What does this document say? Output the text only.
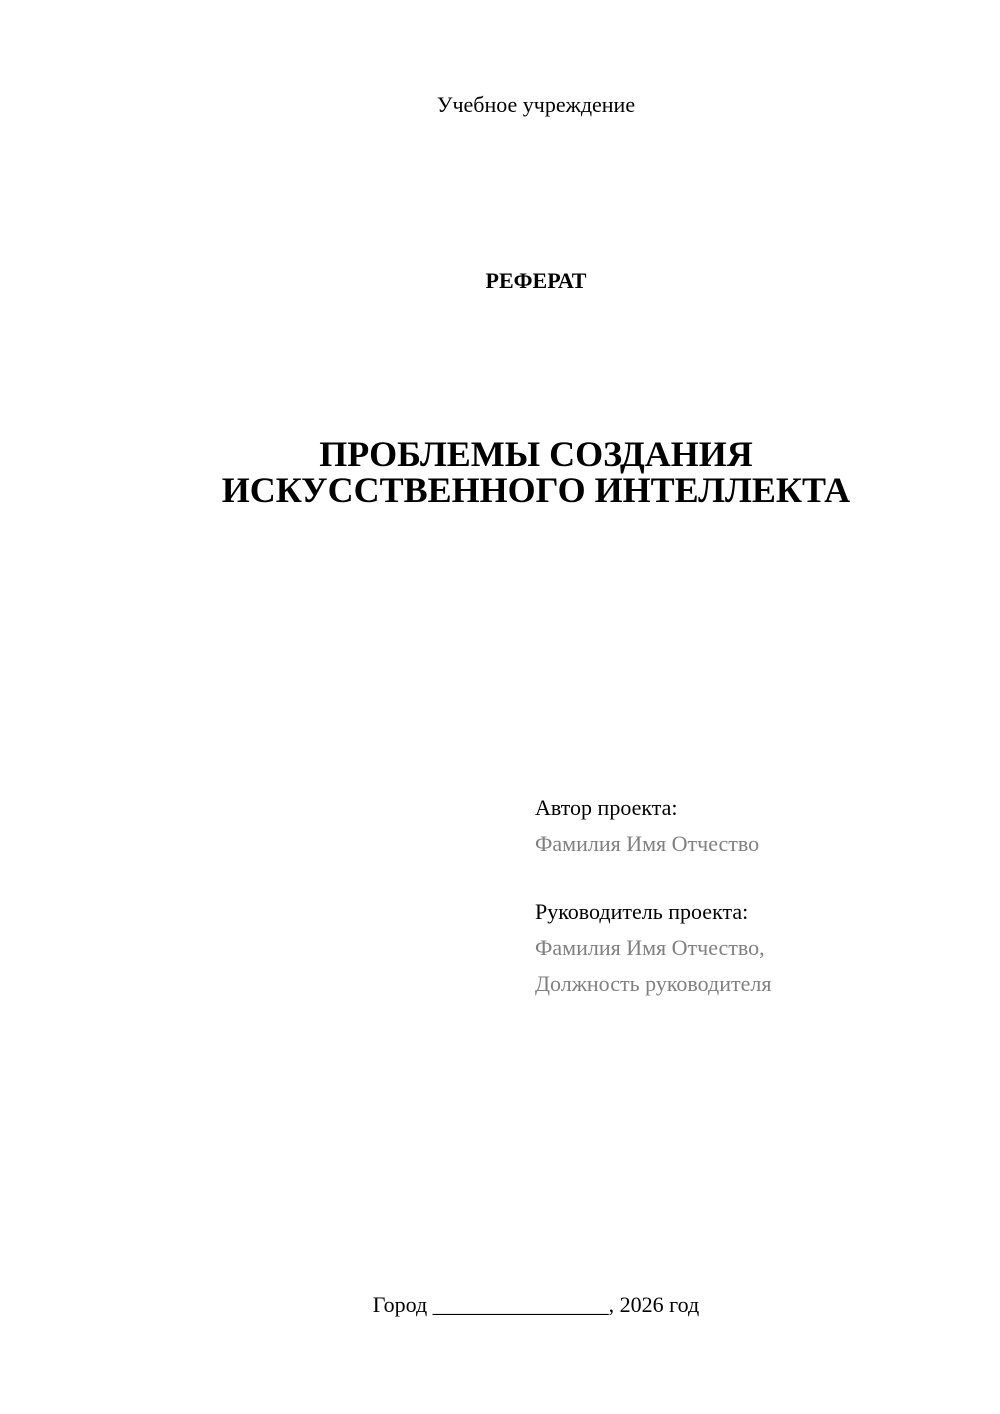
Учебное учреждение
РЕФЕРАТ
ПРОБЛЕМЫ СОЗДАНИЯ
ИСКУССТВЕННОГО ИНТЕЛЛЕКТА
Автор проекта:
Фамилия Имя Отчество
Руководитель проекта:
Фамилия Имя Отчество,
Должность руководителя
Город ________________, 2026 год
